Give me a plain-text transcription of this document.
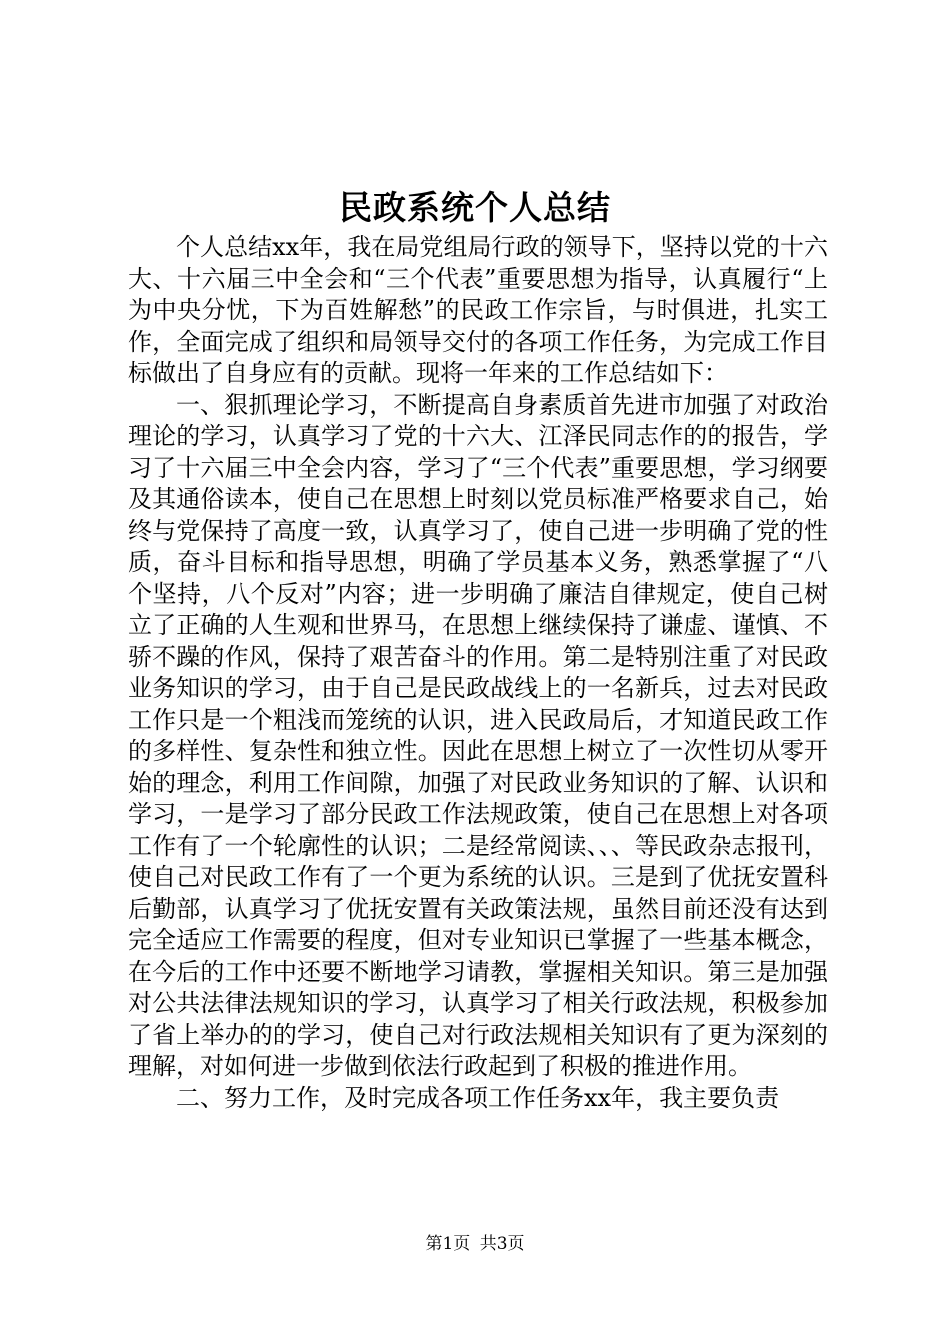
民政系统个人总结

个人总结xx年，我在局党组局行政的领导下，坚持以党的十六大、十六届三中全会和“三个代表”重要思想为指导，认真履行“上为中央分忧，下为百姓解愁”的民政工作宗旨，与时俱进，扎实工作，全面完成了组织和局领导交付的各项工作任务，为完成工作目标做出了自身应有的贡献。现将一年来的工作总结如下：

一、狠抓理论学习，不断提高自身素质首先进市加强了对政治理论的学习，认真学习了党的十六大、江泽民同志作的的报告，学习了十六届三中全会内容，学习了“三个代表”重要思想，学习纲要及其通俗读本，使自己在思想上时刻以党员标准严格要求自己，始终与党保持了高度一致，认真学习了，使自己进一步明确了党的性质，奋斗目标和指导思想，明确了学员基本义务，熟悉掌握了“八个坚持，八个反对”内容；进一步明确了廉洁自律规定，使自己树立了正确的人生观和世界马，在思想上继续保持了谦虚、谨慎、不骄不躁的作风，保持了艰苦奋斗的作用。第二是特别注重了对民政业务知识的学习，由于自己是民政战线上的一名新兵，过去对民政工作只是一个粗浅而笼统的认识，进入民政局后，才知道民政工作的多样性、复杂性和独立性。因此在思想上树立了一次性切从零开始的理念，利用工作间隙，加强了对民政业务知识的了解、认识和学习，一是学习了部分民政工作法规政策，使自己在思想上对各项工作有了一个轮廓性的认识；二是经常阅读、、、等民政杂志报刊，使自己对民政工作有了一个更为系统的认识。三是到了优抚安置科后勤部，认真学习了优抚安置有关政策法规，虽然目前还没有达到完全适应工作需要的程度，但对专业知识已掌握了一些基本概念，在今后的工作中还要不断地学习请教，掌握相关知识。第三是加强对公共法律法规知识的学习，认真学习了相关行政法规，积极参加了省上举办的的学习，使自己对行政法规相关知识有了更为深刻的理解，对如何进一步做到依法行政起到了积极的推进作用。

二、努力工作，及时完成各项工作任务xx年，我主要负责

第1页 共3页
